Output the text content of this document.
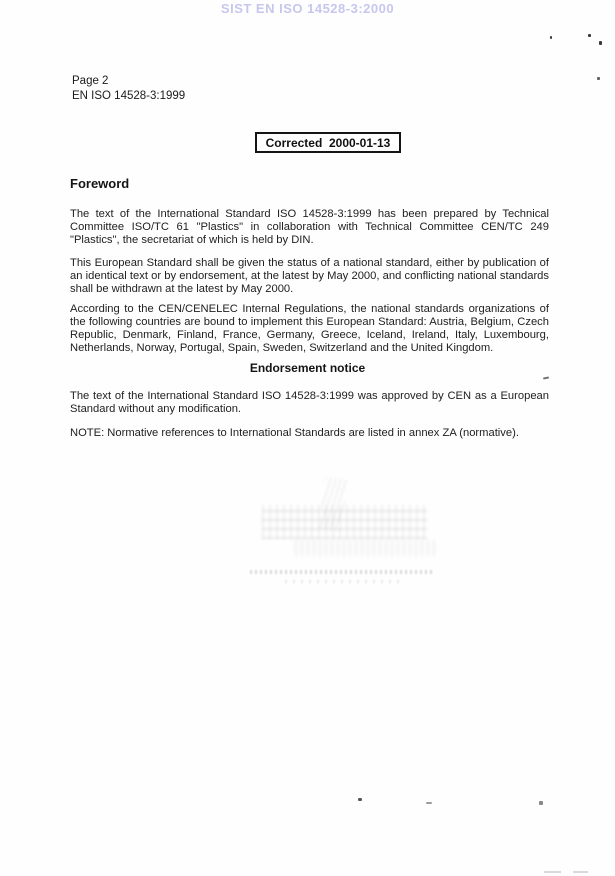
SIST EN ISO 14528-3:2000
Page 2
EN ISO 14528-3:1999
Corrected  2000-01-13
Foreword

The text of the International Standard ISO 14528-3:1999 has been prepared by Technical Committee ISO/TC 61 "Plastics" in collaboration with Technical Committee CEN/TC 249 "Plastics", the secretariat of which is held by DIN.

This European Standard shall be given the status of a national standard, either by publication of an identical text or by endorsement, at the latest by May 2000, and conflicting national standards shall be withdrawn at the latest by May 2000.

According to the CEN/CENELEC Internal Regulations, the national standards organizations of the following countries are bound to implement this European Standard: Austria, Belgium, Czech Republic, Denmark, Finland, France, Germany, Greece, Iceland, Ireland, Italy, Luxembourg, Netherlands, Norway, Portugal, Spain, Sweden, Switzerland and the United Kingdom.

Endorsement notice

The text of the International Standard ISO 14528-3:1999 was approved by CEN as a European Standard without any modification.

NOTE: Normative references to International Standards are listed in annex ZA (normative).
